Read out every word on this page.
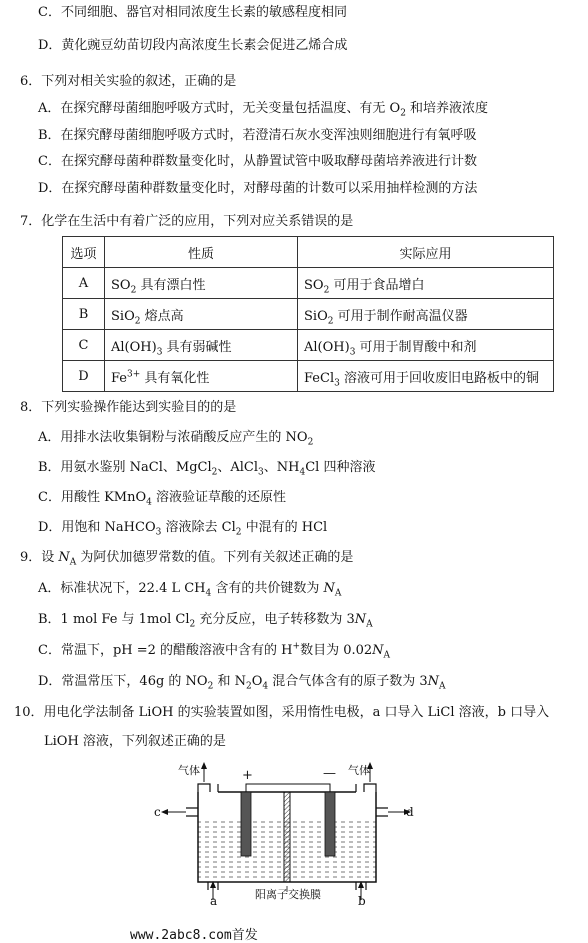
C．不同细胞、器官对相同浓度生长素的敏感程度相同
D．黄化豌豆幼苗切段内高浓度生长素会促进乙烯合成
6．下列对相关实验的叙述，正确的是
A．在探究酵母菌细胞呼吸方式时，无关变量包括温度、有无 $O_2$ 和培养液浓度
B．在探究酵母菌细胞呼吸方式时，若澄清石灰水变浑浊则细胞进行有氧呼吸
C．在探究酵母菌种群数量变化时，从静置试管中吸取酵母菌培养液进行计数
D．在探究酵母菌种群数量变化时，对酵母菌的计数可以采用抽样检测的方法
7．化学在生活中有着广泛的应用，下列对应关系错误的是
选项	性质	实际应用
A	$SO_2$ 具有漂白性	$SO_2$ 可用于食品增白
B	SiO$_2$ 熔点高	SiO$_2$ 可用于制作耐高温仪器
C	$Al(OH)_3$ 具有弱碱性	$Al(OH)_3$ 可用于制胃酸中和剂
D	$Fe^{3+}$ 具有氧化性	FeCl$_3$ 溶液可用于回收废旧电路板中的铜
8．下列实验操作能达到实验目的的是
A．用排水法收集铜粉与浓硝酸反应产生的 $NO_2$
B．用氨水鉴别 NaCl、MgCl$_2$、AlCl$_3$、$NH_4Cl$ 四种溶液
C．用酸性 KMnO$_4$ 溶液验证草酸的还原性
D．用饱和 NaHCO$_3$ 溶液除去 $Cl_2$ 中混有的 HCl
9．设 $N_A$ 为阿伏加德罗常数的值。下列有关叙述正确的是
A．标准状况下，22.4 L $CH_4$ 含有的共价键数为 $N_A$
B．1 mol Fe 与 1mol $Cl_2$ 充分反应，电子转移数为 $3N_A$
C．常温下，pH =2 的醋酸溶液中含有的 H+数目为 $0.02N_A$
D．常温常压下，46g 的 $NO_2$ 和 $N_2O_4$ 混合气体含有的原子数为 $3N_A$
10．用电化学法制备 LiOH 的实验装置如图，采用惰性电极，a 口导入 LiCl 溶液，b 口导入
LiOH 溶液，下列叙述正确的是
气体	气体
+	—
c	d
a	b
阳离子交换膜
www.2abc8.com首发
